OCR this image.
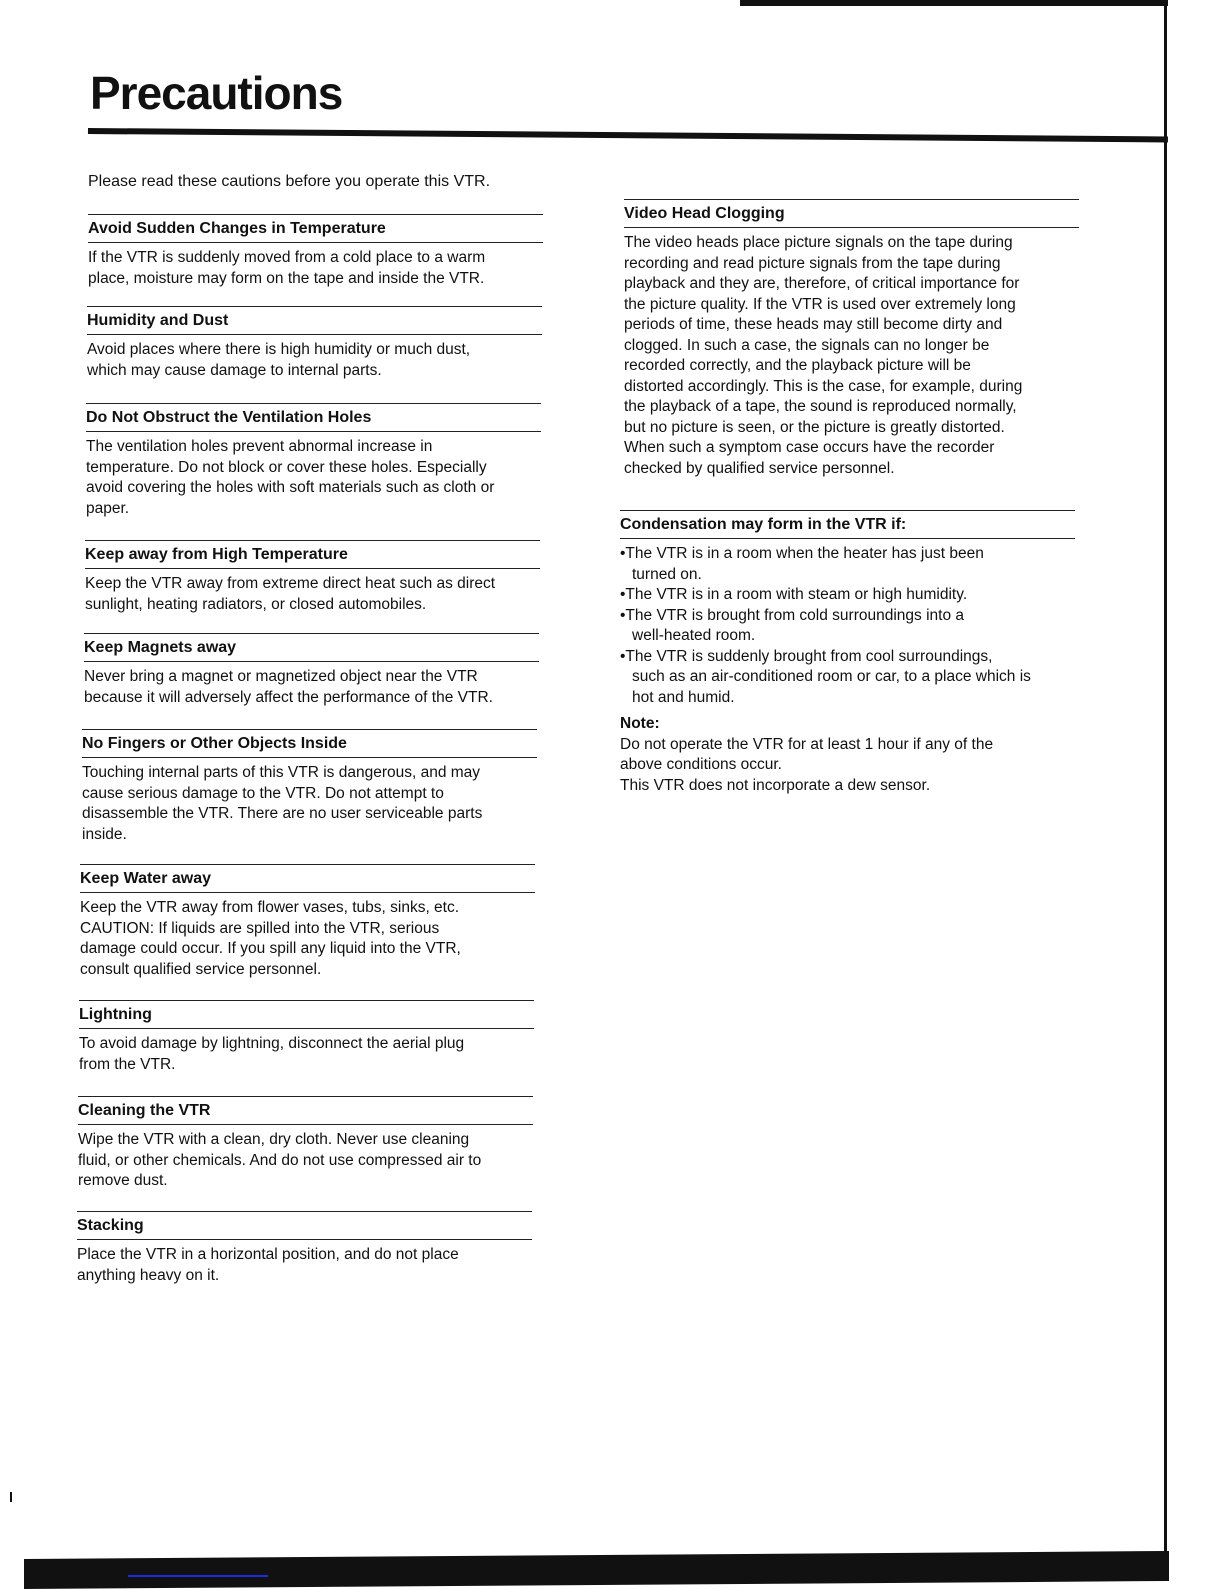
Precautions
Please read these cautions before you operate this VTR.
Avoid Sudden Changes in Temperature
If the VTR is suddenly moved from a cold place to a warm
place, moisture may form on the tape and inside the VTR.
Humidity and Dust
Avoid places where there is high humidity or much dust,
which may cause damage to internal parts.
Do Not Obstruct the Ventilation Holes
The ventilation holes prevent abnormal increase in
temperature. Do not block or cover these holes. Especially
avoid covering the holes with soft materials such as cloth or
paper.
Keep away from High Temperature
Keep the VTR away from extreme direct heat such as direct
sunlight, heating radiators, or closed automobiles.
Keep Magnets away
Never bring a magnet or magnetized object near the VTR
because it will adversely affect the performance of the VTR.
No Fingers or Other Objects Inside
Touching internal parts of this VTR is dangerous, and may
cause serious damage to the VTR. Do not attempt to
disassemble the VTR. There are no user serviceable parts
inside.
Keep Water away
Keep the VTR away from flower vases, tubs, sinks, etc.
CAUTION: If liquids are spilled into the VTR, serious
damage could occur. If you spill any liquid into the VTR,
consult qualified service personnel.
Lightning
To avoid damage by lightning, disconnect the aerial plug
from the VTR.
Cleaning the VTR
Wipe the VTR with a clean, dry cloth. Never use cleaning
fluid, or other chemicals. And do not use compressed air to
remove dust.
Stacking
Place the VTR in a horizontal position, and do not place
anything heavy on it.
Video Head Clogging
The video heads place picture signals on the tape during
recording and read picture signals from the tape during
playback and they are, therefore, of critical importance for
the picture quality. If the VTR is used over extremely long
periods of time, these heads may still become dirty and
clogged. In such a case, the signals can no longer be
recorded correctly, and the playback picture will be
distorted accordingly. This is the case, for example, during
the playback of a tape, the sound is reproduced normally,
but no picture is seen, or the picture is greatly distorted.
When such a symptom case occurs have the recorder
checked by qualified service personnel.
Condensation may form in the VTR if:
•The VTR is in a room when the heater has just been
turned on.
•The VTR is in a room with steam or high humidity.
•The VTR is brought from cold surroundings into a
well-heated room.
•The VTR is suddenly brought from cool surroundings,
such as an air-conditioned room or car, to a place which is
hot and humid.
Note:
Do not operate the VTR for at least 1 hour if any of the
above conditions occur.
This VTR does not incorporate a dew sensor.
